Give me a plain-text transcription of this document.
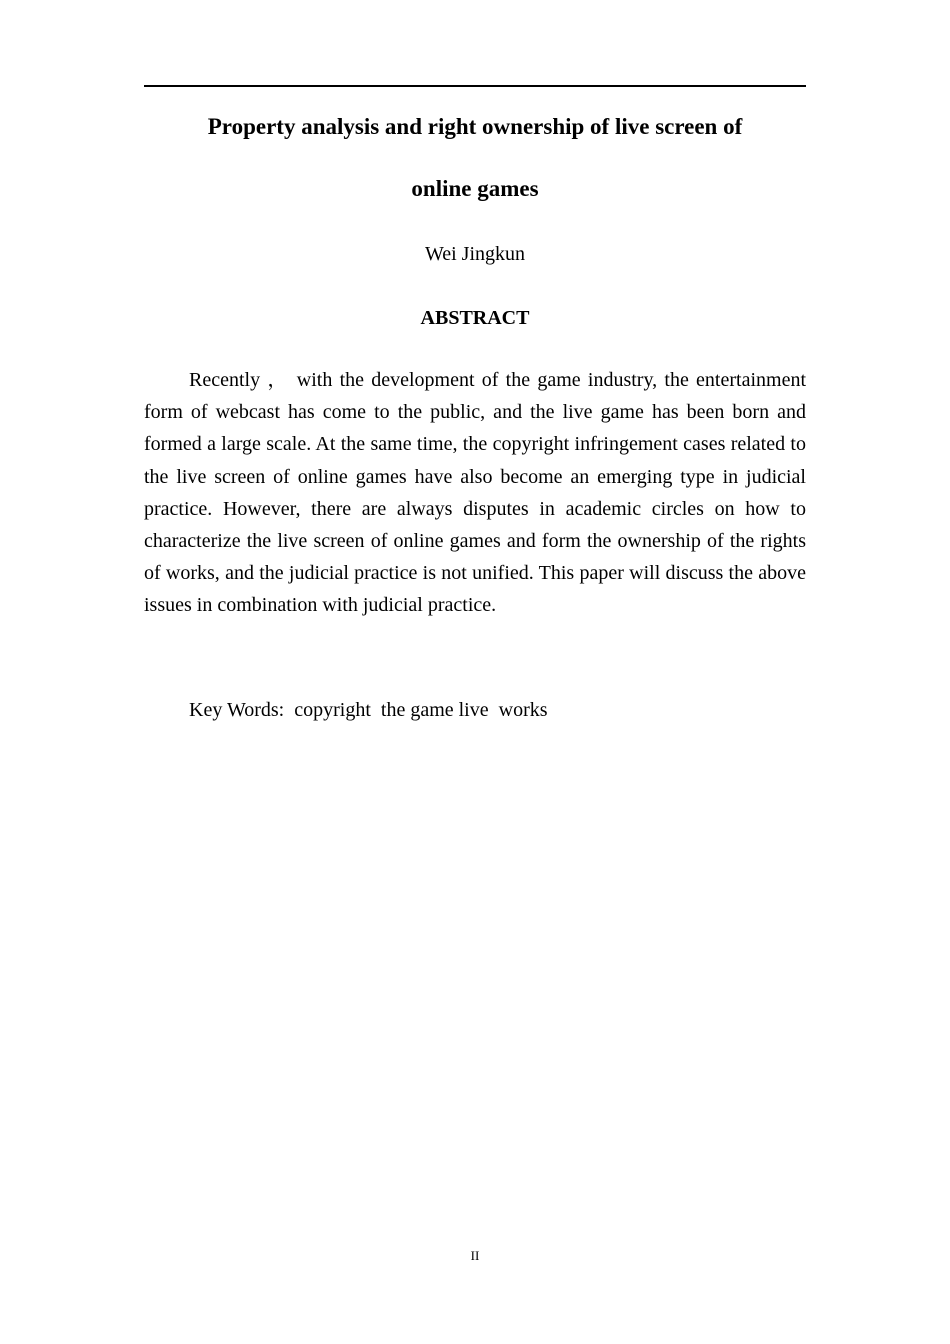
Property analysis and right ownership of live screen of
online games

Wei Jingkun

ABSTRACT

Recently ， with the development of the game industry, the entertainment form of webcast has come to the public, and the live game has been born and formed a large scale. At the same time, the copyright infringement cases related to the live screen of online games have also become an emerging type in judicial practice. However, there are always disputes in academic circles on how to characterize the live screen of online games and form the ownership of the rights of works, and the judicial practice is not unified. This paper will discuss the above issues in combination with judicial practice.

Key Words:  copyright  the game live  works

II
